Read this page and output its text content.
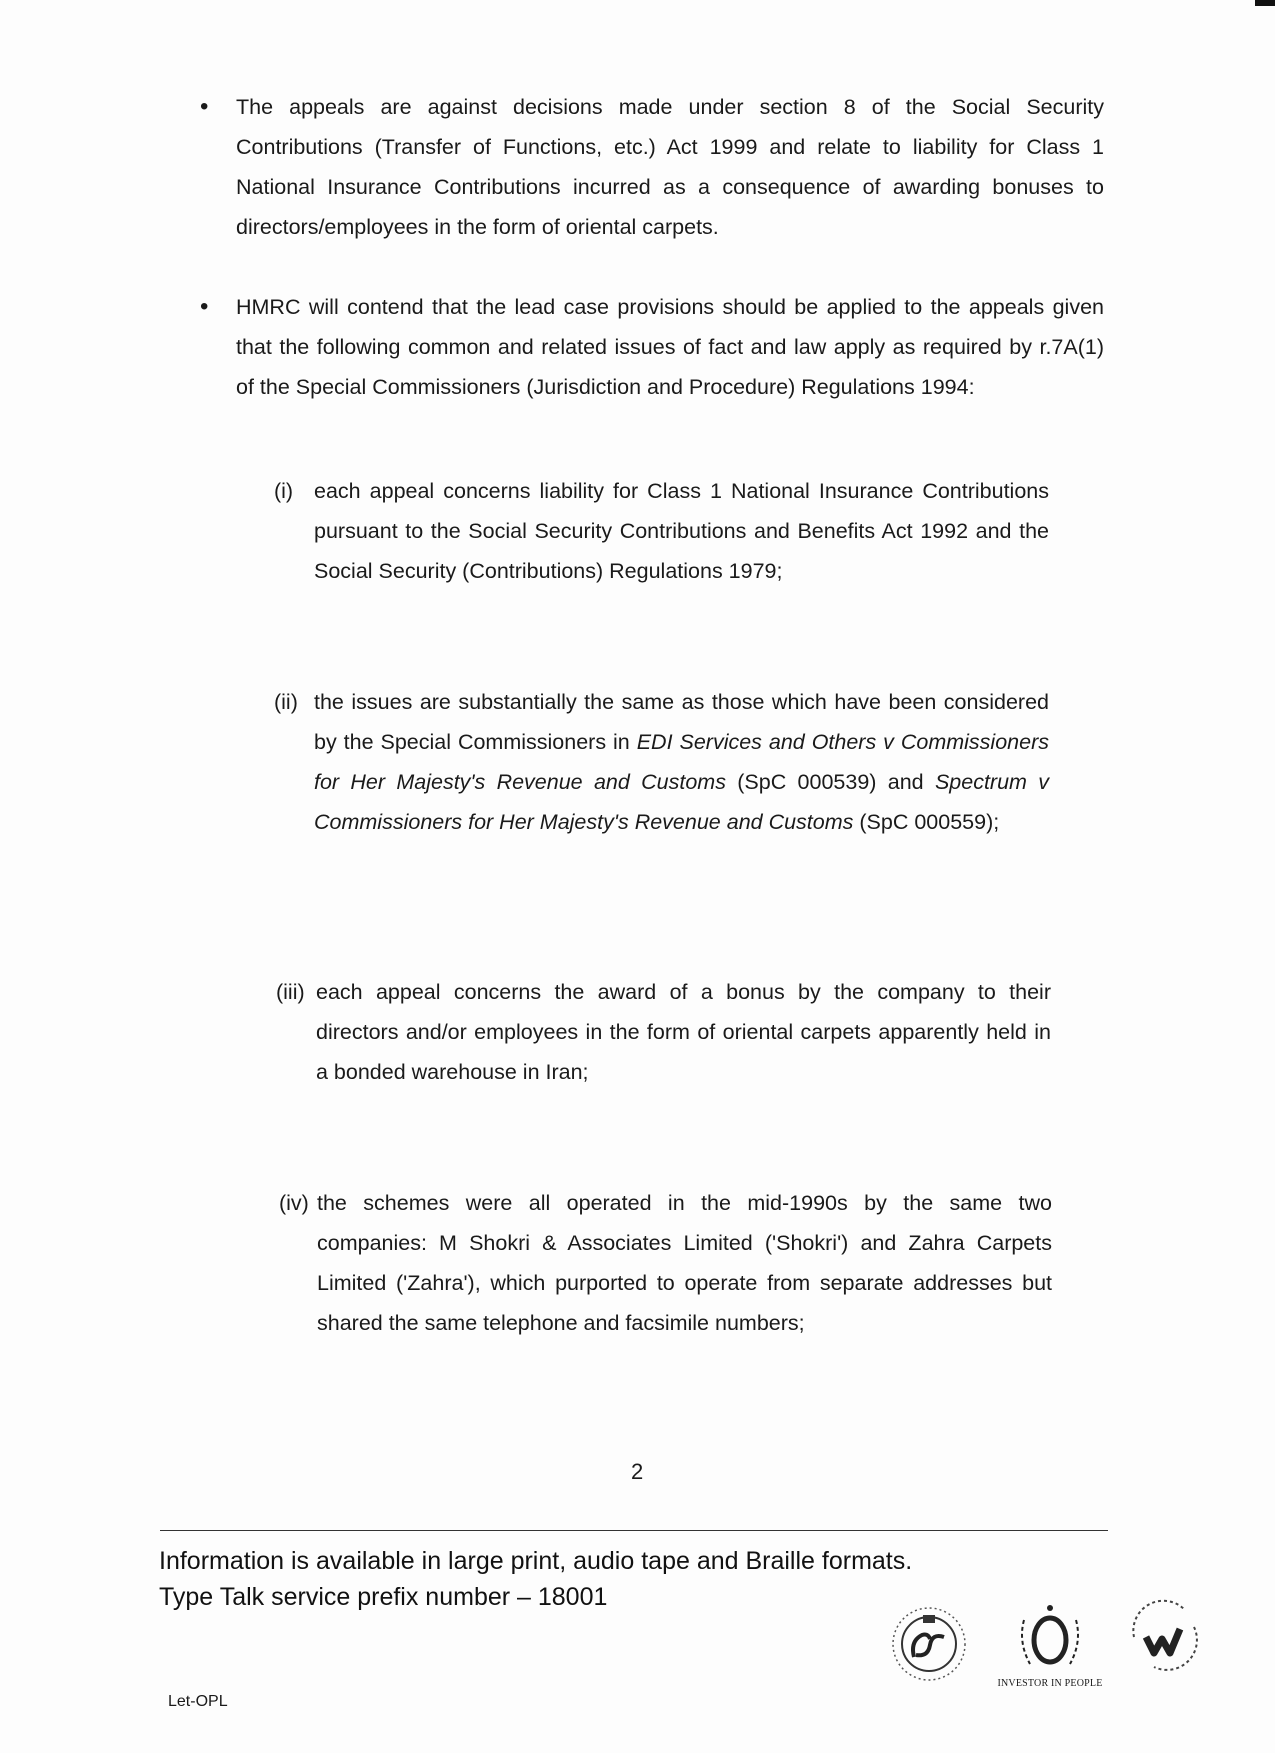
• The appeals are against decisions made under section 8 of the Social Security Contributions (Transfer of Functions, etc.) Act 1999 and relate to liability for Class 1 National Insurance Contributions incurred as a consequence of awarding bonuses to directors/employees in the form of oriental carpets.
• HMRC will contend that the lead case provisions should be applied to the appeals given that the following common and related issues of fact and law apply as required by r.7A(1) of the Special Commissioners (Jurisdiction and Procedure) Regulations 1994:
(i) each appeal concerns liability for Class 1 National Insurance Contributions pursuant to the Social Security Contributions and Benefits Act 1992 and the Social Security (Contributions) Regulations 1979;
(ii) the issues are substantially the same as those which have been considered by the Special Commissioners in EDI Services and Others v Commissioners for Her Majesty's Revenue and Customs (SpC 000539) and Spectrum v Commissioners for Her Majesty's Revenue and Customs (SpC 000559);
(iii) each appeal concerns the award of a bonus by the company to their directors and/or employees in the form of oriental carpets apparently held in a bonded warehouse in Iran;
(iv) the schemes were all operated in the mid-1990s by the same two companies: M Shokri & Associates Limited ('Shokri') and Zahra Carpets Limited ('Zahra'), which purported to operate from separate addresses but shared the same telephone and facsimile numbers;
2
Information is available in large print, audio tape and Braille formats.
Type Talk service prefix number – 18001
INVESTOR IN PEOPLE
Let-OPL
